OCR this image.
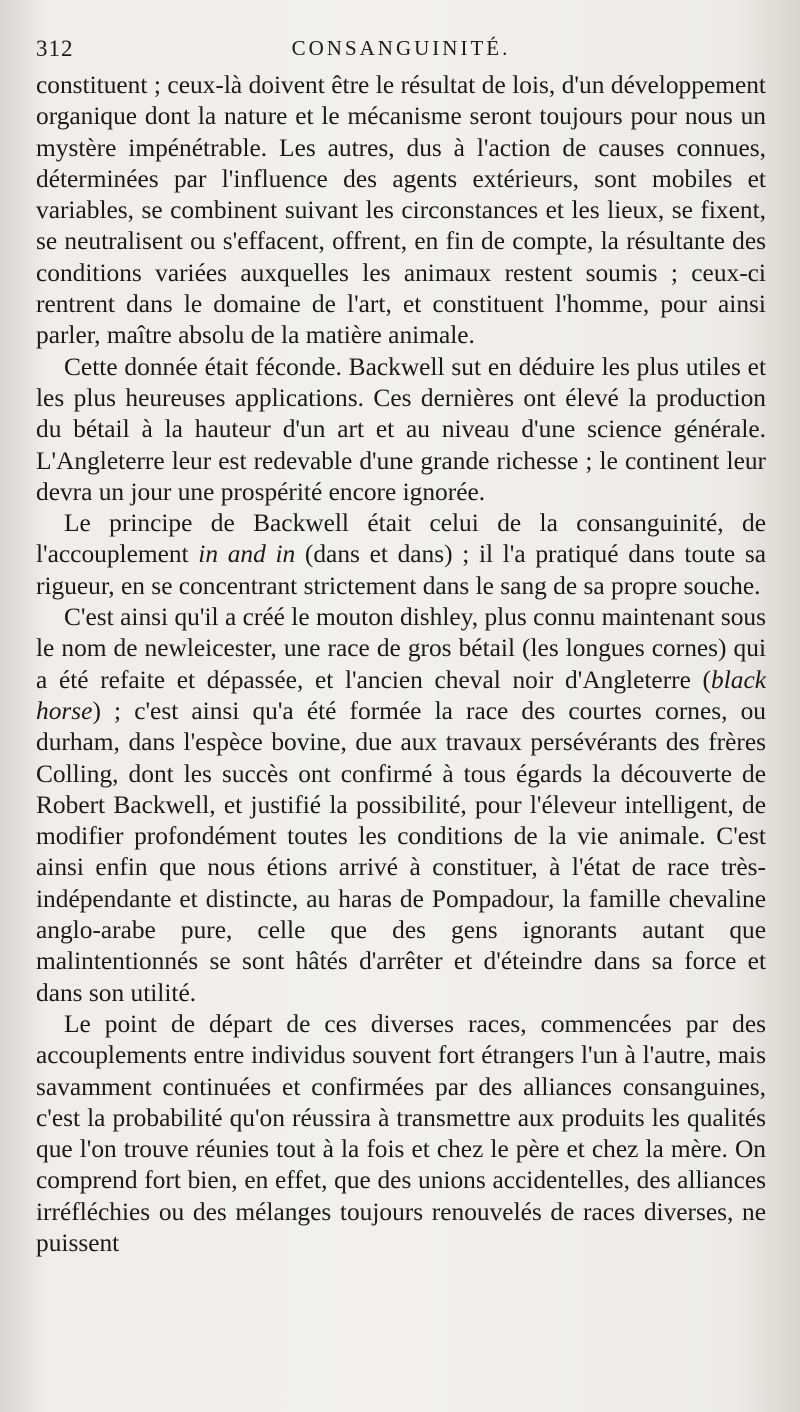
312	CONSANGUINITÉ.

constituent ; ceux-là doivent être le résultat de lois, d'un développement organique dont la nature et le mécanisme seront toujours pour nous un mystère impénétrable. Les autres, dus à l'action de causes connues, déterminées par l'influence des agents extérieurs, sont mobiles et variables, se combinent suivant les circonstances et les lieux, se fixent, se neutralisent ou s'effacent, offrent, en fin de compte, la résultante des conditions variées auxquelles les animaux restent soumis ; ceux-ci rentrent dans le domaine de l'art, et constituent l'homme, pour ainsi parler, maître absolu de la matière animale.

Cette donnée était féconde. Backwell sut en déduire les plus utiles et les plus heureuses applications. Ces dernières ont élevé la production du bétail à la hauteur d'un art et au niveau d'une science générale. L'Angleterre leur est redevable d'une grande richesse ; le continent leur devra un jour une prospérité encore ignorée.

Le principe de Backwell était celui de la consanguinité, de l'accouplement in and in (dans et dans) ; il l'a pratiqué dans toute sa rigueur, en se concentrant strictement dans le sang de sa propre souche.

C'est ainsi qu'il a créé le mouton dishley, plus connu maintenant sous le nom de newleicester, une race de gros bétail (les longues cornes) qui a été refaite et dépassée, et l'ancien cheval noir d'Angleterre (black horse) ; c'est ainsi qu'a été formée la race des courtes cornes, ou durham, dans l'espèce bovine, due aux travaux persévérants des frères Colling, dont les succès ont confirmé à tous égards la découverte de Robert Backwell, et justifié la possibilité, pour l'éleveur intelligent, de modifier profondément toutes les conditions de la vie animale. C'est ainsi enfin que nous étions arrivé à constituer, à l'état de race très-indépendante et distincte, au haras de Pompadour, la famille chevaline anglo-arabe pure, celle que des gens ignorants autant que malintentionnés se sont hâtés d'arrêter et d'éteindre dans sa force et dans son utilité.

Le point de départ de ces diverses races, commencées par des accouplements entre individus souvent fort étrangers l'un à l'autre, mais savamment continuées et confirmées par des alliances consanguines, c'est la probabilité qu'on réussira à transmettre aux produits les qualités que l'on trouve réunies tout à la fois et chez le père et chez la mère. On comprend fort bien, en effet, que des unions accidentelles, des alliances irréfléchies ou des mélanges toujours renouvelés de races diverses, ne puissent
